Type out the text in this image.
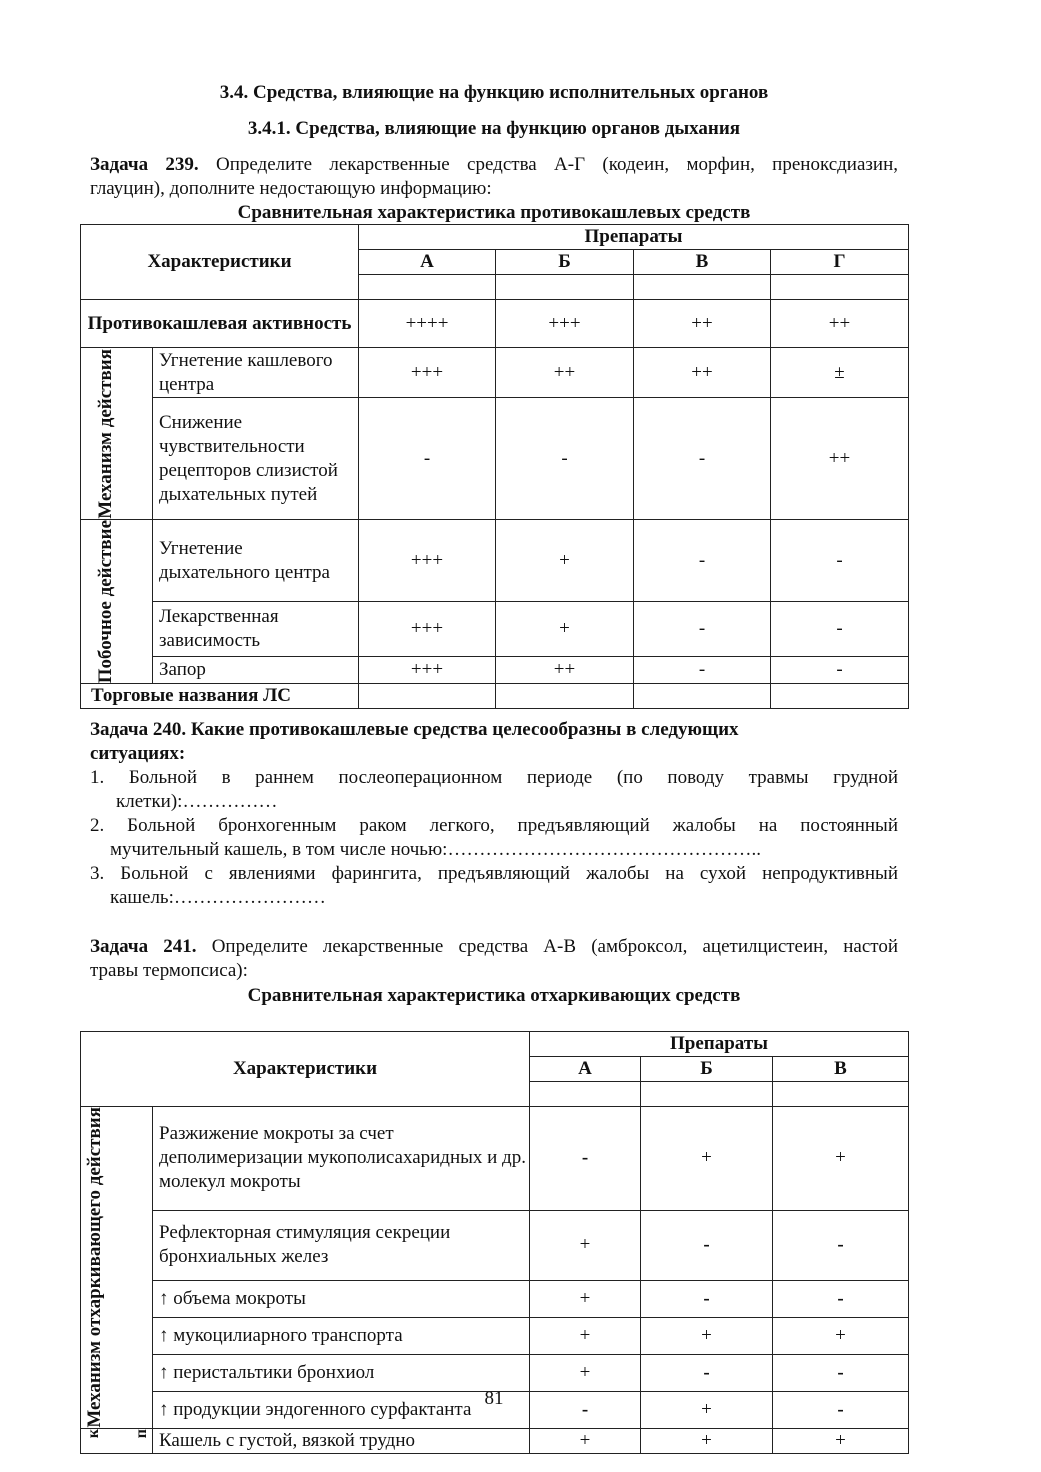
3.4. Средства, влияющие на функцию исполнительных органов
3.4.1. Средства, влияющие на функцию органов дыхания

Задача 239. Определите лекарственные средства А-Г (кодеин, морфин, преноксдиазин,

глауцин), дополните недостающую информацию:

Сравнительная характеристика противокашлевых средств
Характеристики		Препараты			
		А	Б	В	Г

Противокашлевая активность		++++	+++	++	++

Механизм действия	Угнетение кашлевого центра	+++	++	++	±
	Снижение чувствительности рецепторов слизистой дыхательных путей	-	-	-	++

Побочное действие	Угнетение дыхательного центра	+++	+	-	-
	Лекарственная зависимость	+++	+	-	-
	Запор	+++	++	-	-
Торговые названия ЛС					

Задача 240. Какие противокашлевые средства целесообразны в следующих

ситуациях:

1. Больной в раннем послеоперационном периоде (по поводу травмы грудной

клетки):……………

2. Больной бронхогенным раком легкого, предъявляющий жалобы на постоянный

мучительный кашель, в том числе ночью:…………………………………………..

3. Больной с явлениями фарингита, предъявляющий жалобы на сухой непродуктивный

кашель:……………………

Задача 241. Определите лекарственные средства А-В (амброксол, ацетилцистеин, настой

травы термопсиса):

Сравнительная характеристика отхаркивающих средств
Характеристики		Препараты		
		А	Б	В

Механизм отхаркивающего действия	Разжижение мокроты за счет деполимеризации мукополисахаридных и др. молекул мокроты	-	+	+
	Рефлекторная стимуляция секреции бронхиальных желез	+	-	-
	↑ объема мокроты	+	-	-
	↑ мукоцилиарного транспорта	+	+	+
	↑ перистальтики бронхиол	+	-	-
	↑ продукции эндогенного сурфактанта	-	+	-

к п	Кашель с густой, вязкой трудно	+	+	+
81
